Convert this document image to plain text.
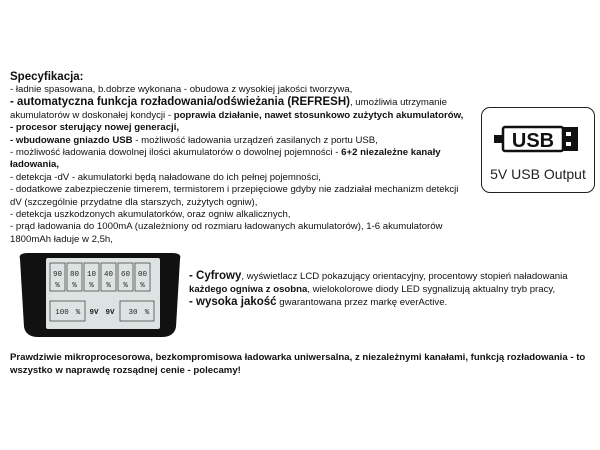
Specyfikacja:
- ładnie spasowana, b.dobrze wykonana - obudowa z wysokiej jakości tworzywa,
- automatyczna funkcja rozładowania/odświeżania (REFRESH), umożliwia utrzymanie
akumulatorów w doskonałej kondycji - poprawia działanie, nawet stosunkowo zużytych akumulatorów,
- procesor sterujący nowej generacji,
- wbudowane gniazdo USB - możliwość ładowania urządzeń zasilanych z portu USB,
- możliwość ładowania dowolnej ilości akumulatorów o dowolnej pojemności - 6+2 niezależne kanały
ładowania,
- detekcja -dV - akumulatorki będą naładowane do ich pełnej pojemności,
- dodatkowe zabezpieczenie timerem, termistorem i przepięciowe gdyby nie zadziałał mechanizm detekcji
dV (szczególnie przydatne dla starszych, zużytych ogniw),
- detekcja uszkodzonych akumulatorków, oraz ogniw alkalicznych,
- prąd ładowania do 1000mA (uzależniony od rozmiaru ładowanych akumulatorów), 1-6 akumulatorów
1800mAh ładuje w 2,5h,
USB
5V USB Output
90
%
80
%
10
%
40
%
60
%
00
%
100 % 9V 9V 30 %
- Cyfrowy, wyświetlacz LCD pokazujący orientacyjny, procentowy stopień naładowania
każdego ogniwa z osobna, wielokolorowe diody LED sygnalizują aktualny tryb pracy,
- wysoka jakość gwarantowana przez markę everActive.
Prawdziwie mikroprocesorowa, bezkompromisowa ładowarka uniwersalna, z niezależnymi kanałami, funkcją rozładowania - to
wszystko w naprawdę rozsądnej cenie - polecamy!
